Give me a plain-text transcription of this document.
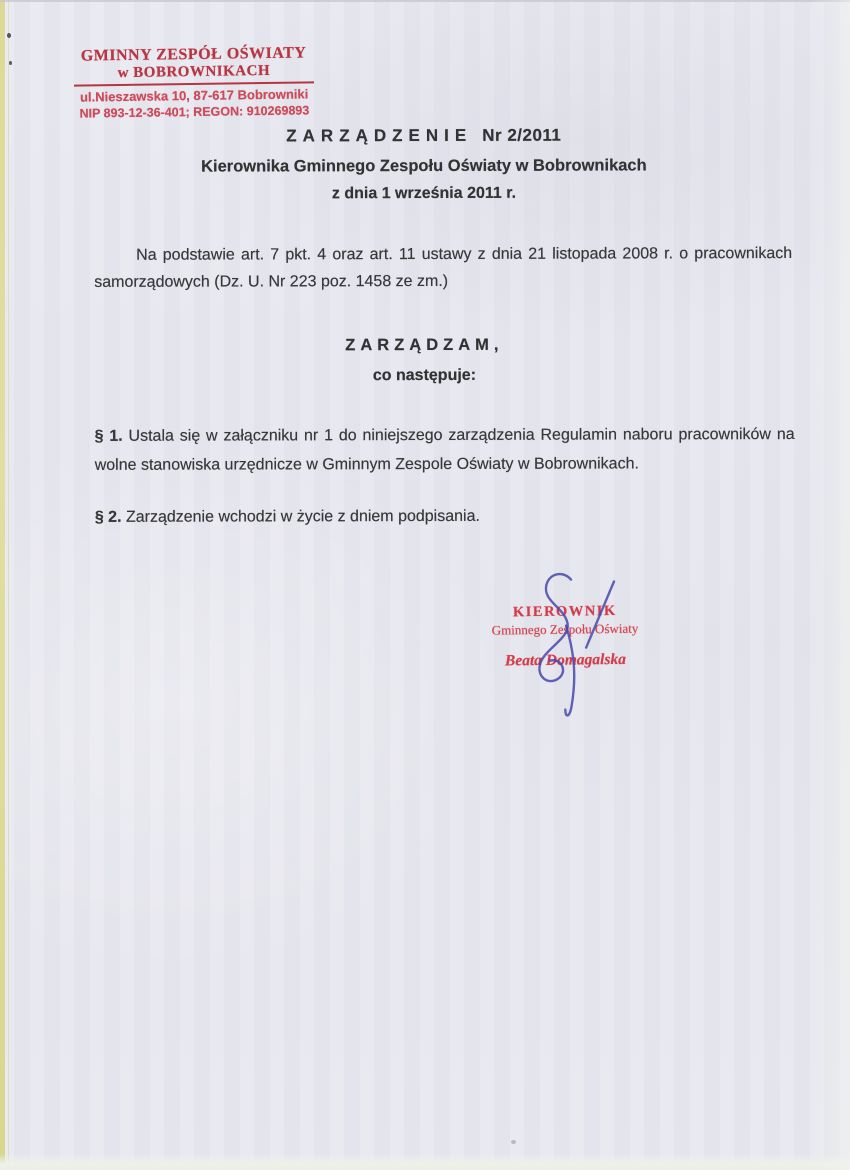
GMINNY ZESPÓŁ OŚWIATY
w BOBROWNIKACH
ul.Nieszawska 10, 87-617 Bobrowniki
NIP 893-12-36-401; REGON: 910269893
ZARZĄDZENIE Nr 2/2011
Kierownika Gminnego Zespołu Oświaty w Bobrownikach
z dnia 1 września 2011 r.
Na podstawie art. 7 pkt. 4 oraz art. 11 ustawy z dnia 21 listopada 2008 r. o pracownikach samorządowych (Dz. U. Nr 223 poz. 1458 ze zm.)
ZARZĄDZAM,
co następuje:
§ 1. Ustala się w załączniku nr 1 do niniejszego zarządzenia Regulamin naboru pracowników na wolne stanowiska urzędnicze w Gminnym Zespole Oświaty w Bobrownikach.
§ 2. Zarządzenie wchodzi w życie z dniem podpisania.
KIEROWNIK
Gminnego Zespołu Oświaty
Beata Domagalska
